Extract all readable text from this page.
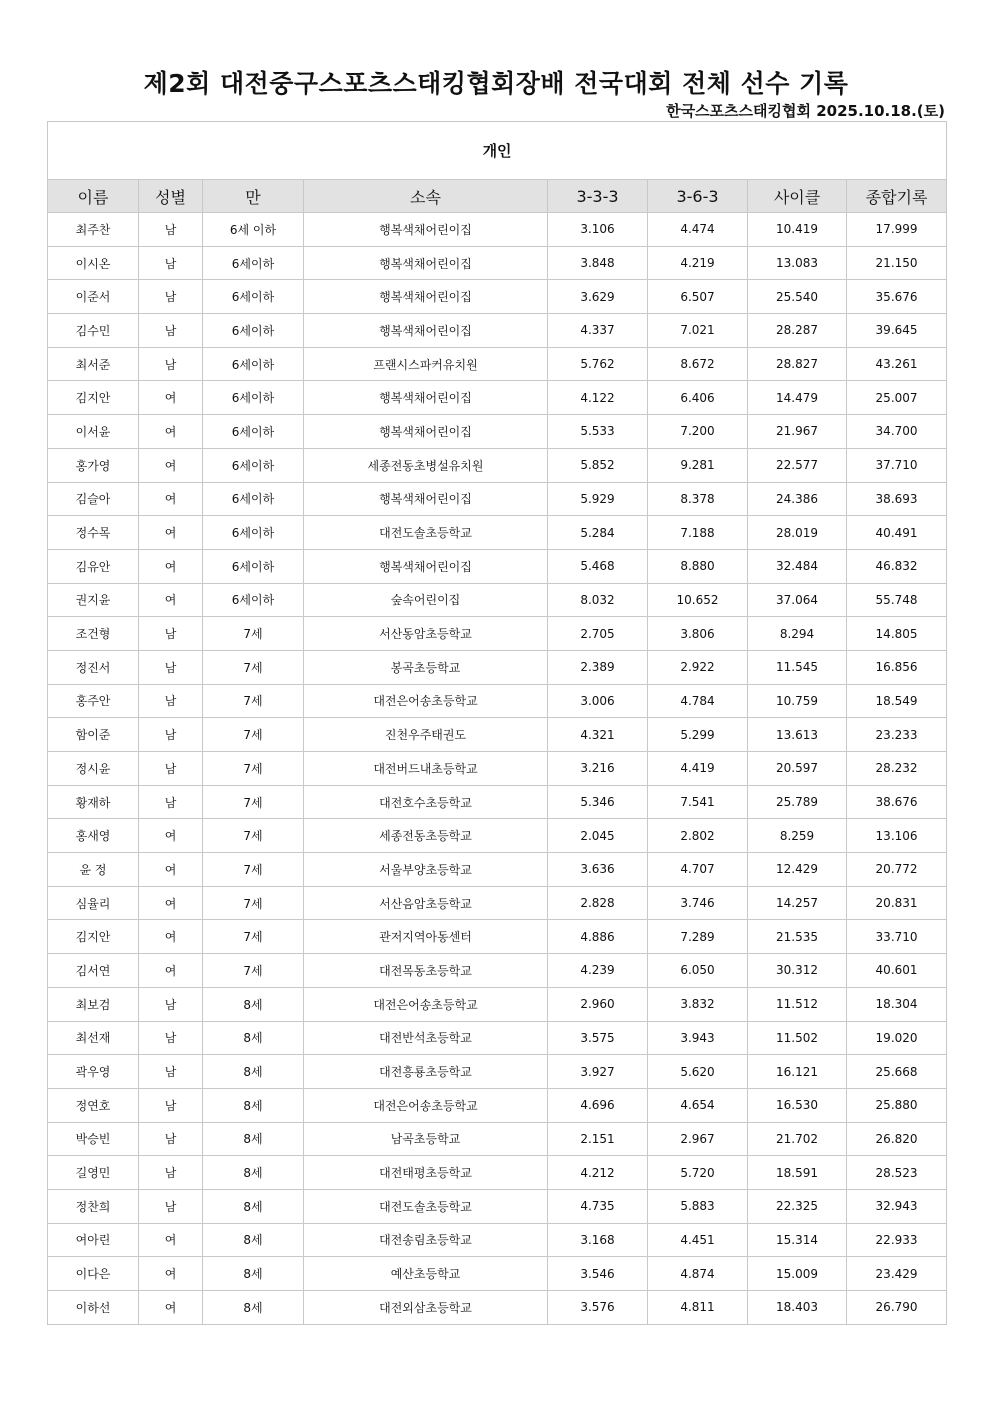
제2회 대전중구스포츠스태킹협회장배 전국대회 전체 선수 기록
한국스포츠스태킹협회 2025.10.18.(토)
개인							
이름	성별	만	소속	3-3-3	3-6-3	사이클	종합기록
최주찬	남	6세 이하	행복색채어린이집	3.106	4.474	10.419	17.999
이시온	남	6세이하	행복색채어린이집	3.848	4.219	13.083	21.150
이준서	남	6세이하	행복색채어린이집	3.629	6.507	25.540	35.676
김수민	남	6세이하	행복색채어린이집	4.337	7.021	28.287	39.645
최서준	남	6세이하	프랜시스파커유치원	5.762	8.672	28.827	43.261
김지안	여	6세이하	행복색채어린이집	4.122	6.406	14.479	25.007
이서윤	여	6세이하	행복색채어린이집	5.533	7.200	21.967	34.700
홍가영	여	6세이하	세종전동초병설유치원	5.852	9.281	22.577	37.710
김슬아	여	6세이하	행복색채어린이집	5.929	8.378	24.386	38.693
정수목	여	6세이하	대전도솔초등학교	5.284	7.188	28.019	40.491
김유안	여	6세이하	행복색채어린이집	5.468	8.880	32.484	46.832
권지윤	여	6세이하	숲속어린이집	8.032	10.652	37.064	55.748
조건형	남	7세	서산동암초등학교	2.705	3.806	8.294	14.805
정진서	남	7세	봉곡초등학교	2.389	2.922	11.545	16.856
홍주안	남	7세	대전은어송초등학교	3.006	4.784	10.759	18.549
함이준	남	7세	진천우주태권도	4.321	5.299	13.613	23.233
정시윤	남	7세	대전버드내초등학교	3.216	4.419	20.597	28.232
황재하	남	7세	대전호수초등학교	5.346	7.541	25.789	38.676
홍새영	여	7세	세종전동초등학교	2.045	2.802	8.259	13.106
윤 정	여	7세	서울부양초등학교	3.636	4.707	12.429	20.772
심율리	여	7세	서산음암초등학교	2.828	3.746	14.257	20.831
김지안	여	7세	관저지역아동센터	4.886	7.289	21.535	33.710
김서연	여	7세	대전목동초등학교	4.239	6.050	30.312	40.601
최보검	남	8세	대전은어송초등학교	2.960	3.832	11.512	18.304
최선재	남	8세	대전반석초등학교	3.575	3.943	11.502	19.020
곽우영	남	8세	대전흥룡초등학교	3.927	5.620	16.121	25.668
정연호	남	8세	대전은어송초등학교	4.696	4.654	16.530	25.880
박승빈	남	8세	남곡초등학교	2.151	2.967	21.702	26.820
길영민	남	8세	대전태평초등학교	4.212	5.720	18.591	28.523
정찬희	남	8세	대전도솔초등학교	4.735	5.883	22.325	32.943
여아린	여	8세	대전송림초등학교	3.168	4.451	15.314	22.933
이다은	여	8세	예산초등학교	3.546	4.874	15.009	23.429
이하선	여	8세	대전외삼초등학교	3.576	4.811	18.403	26.790
